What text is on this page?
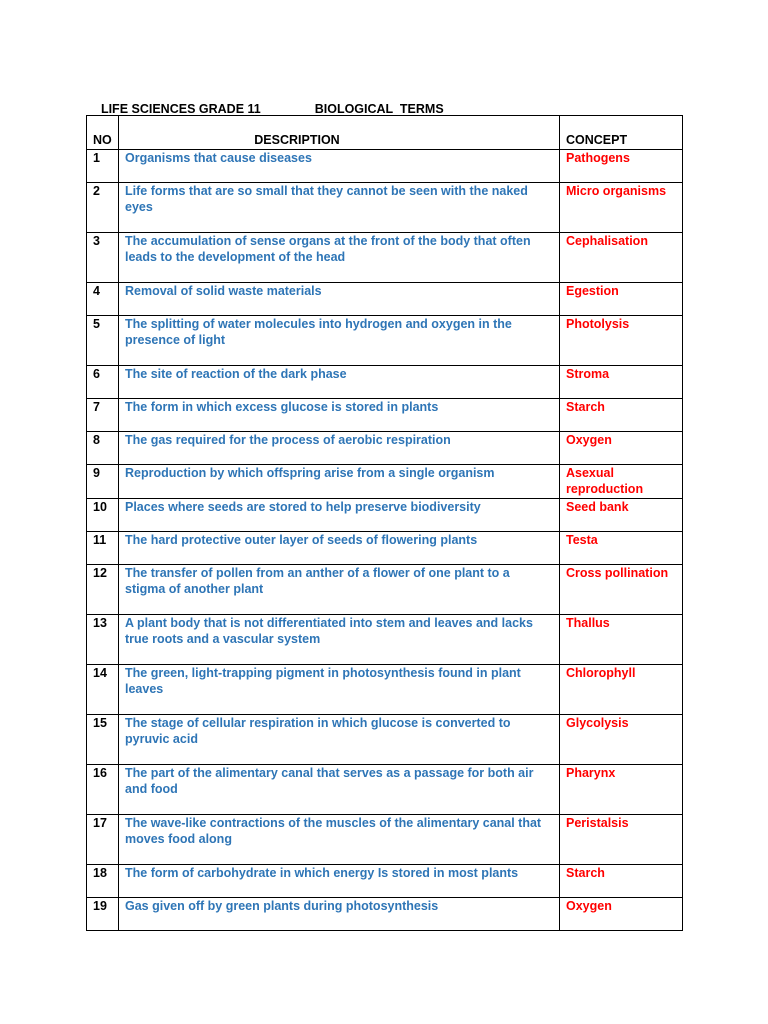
LIFE SCIENCES GRADE 11	BIOLOGICAL  TERMS

NO	DESCRIPTION	CONCEPT
1	Organisms that cause diseases	Pathogens
2	Life forms that are so small that they cannot be seen with the naked eyes	Micro organisms
3	The accumulation of sense organs at the front of the body that often leads to the development of the head	Cephalisation
4	Removal of solid waste materials	Egestion
5	The splitting of water molecules into hydrogen and oxygen in the presence of light	Photolysis
6	The site of reaction of the dark phase	Stroma
7	The form in which excess glucose is stored in plants	Starch
8	The gas required for the process of aerobic respiration	Oxygen
9	Reproduction by which offspring arise from a single organism	Asexual reproduction
10	Places where seeds are stored to help preserve biodiversity	Seed bank
11	The hard protective outer layer of seeds of flowering plants	Testa
12	The transfer of pollen from an anther of a flower of one plant to a stigma of another plant	Cross pollination
13	A plant body that is not differentiated into stem and leaves and lacks true roots and a vascular system	Thallus
14	The green, light-trapping pigment in photosynthesis found in plant leaves	Chlorophyll
15	The stage of cellular respiration in which glucose is converted to pyruvic acid	Glycolysis
16	The part of the alimentary canal that serves as a passage for both air and food	Pharynx
17	The wave-like contractions of the muscles of the alimentary canal that moves food along	Peristalsis
18	The form of carbohydrate in which energy Is stored in most plants	Starch
19	Gas given off by green plants during photosynthesis	Oxygen
